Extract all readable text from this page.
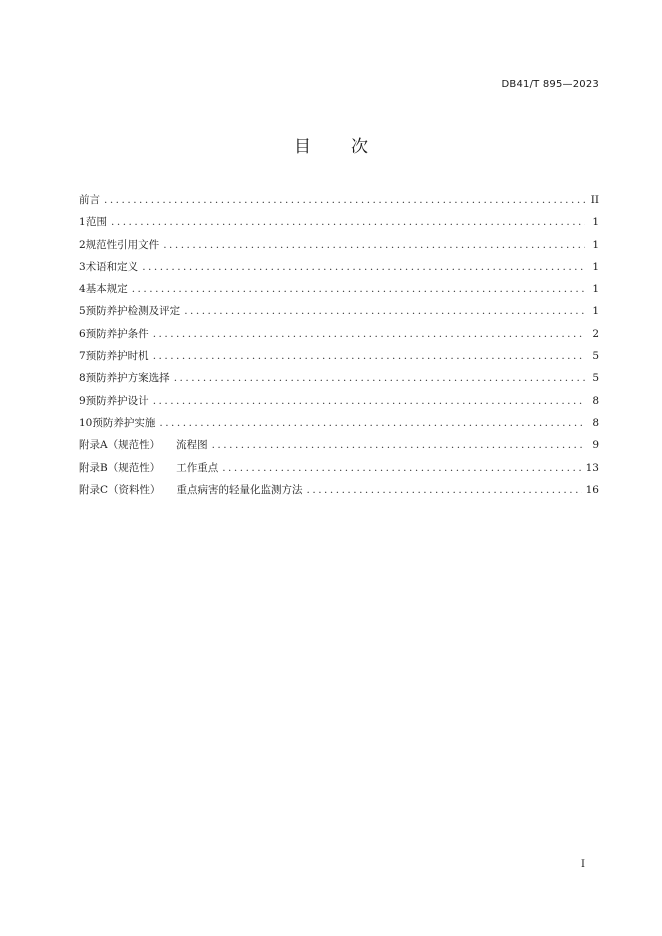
DB41/T 895—2023
目 次
前言 .....	II
1 范围 .....	1
2 规范性引用文件 .....	1
3 术语和定义 .....	1
4 基本规定 .....	1
5 预防养护检测及评定 .....	1
6 预防养护条件 .....	2
7 预防养护时机 .....	5
8 预防养护方案选择 .....	5
9 预防养护设计 .....	8
10 预防养护实施 .....	8
附录A（规范性） 流程图 .....	9
附录B（规范性） 工作重点 .....	13
附录C（资料性） 重点病害的轻量化监测方法 .....	16
I
